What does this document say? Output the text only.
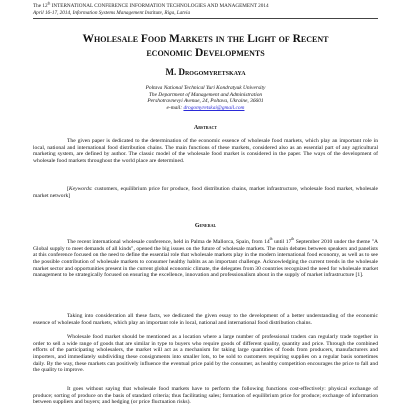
The 12th INTERNATIONAL CONFERENCE INFORMATION TECHNOLOGIES AND MANAGEMENT 2014
April 16-17, 2014, Information Systems Management Institute, Riga, Latvia
Wholesale Food Markets in the Light of Recent
economic Developments
M. Drogomyretskaya
Poltava National Technical Yuri Kondratyuk University
The Department of Management and Administration
Pershotravnevyi Avenue, 24, Poltava, Ukraine, 36601
e-mail: drogomyretskai@gmail.com
Abstract
The given paper is dedicated to the determination of the economic essence of wholesale food markets, which play an important role in local, national and international food distribution chains. The main functions of these markets, considered also as an essential part of any agricultural marketing system, are defined by author. The classic model of the wholesale food market is considered in the paper. The ways of the development of wholesale food markets throughout the world place are determined.
[Keywords: customers, equilibrium price for produce, food distribution chains, market infrastructure, wholesale food market, wholesale market network]
General
The recent international wholesale conference, held in Palma de Mallorca, Spain, from 14th until 17th September 2010 under the theme "A Global supply to meet demands of all kinds", opened the big issues on the future of wholesale markets. The main debates between speakers and panelists at this conference focused on the need to define the essential role that wholesale markets play in the modern international food economy, as well as to see the possible contribution of wholesale markets to consumer healthy habits as an important challenge. Acknowledging the current trends in the wholesale market sector and opportunities present in the current global economic climate, the delegates from 30 countries recognized the need for wholesale market management to be strategically focused on ensuring the excellence, innovation and professionalism about in the supply of market infrastructure [1].
Taking into consideration all these facts, we dedicated the given essay to the development of a better understanding of the economic essence of wholesale food markets, which play an important role in local, national and international food distribution chains.
Wholesale food market should be mentioned as a location where a large number of professional traders can regularly trade together in order to sell a wide range of goods that are similar in type to buyers who require goods of different quality, quantity and price. Through the combined efforts of the participating wholesalers, the market will act as a mechanism for taking large quantities of foods from producers, manufacturers and importers, and immediately subdividing these consignments into smaller lots, to be sold to customers requiring supplies on a regular basis sometimes daily. By the way, these markets can positively influence the eventual price paid by the consumer, as healthy competition encourages the price to fall and the quality to improve.
It goes without saying that wholesale food markets have to perform the following functions cost-effectively: physical exchange of produce; sorting of produce on the basis of standard criteria; thus facilitating sales; formation of equilibrium price for produce; exchange of information between suppliers and buyers; and hedging (or price fluctuation risks).
